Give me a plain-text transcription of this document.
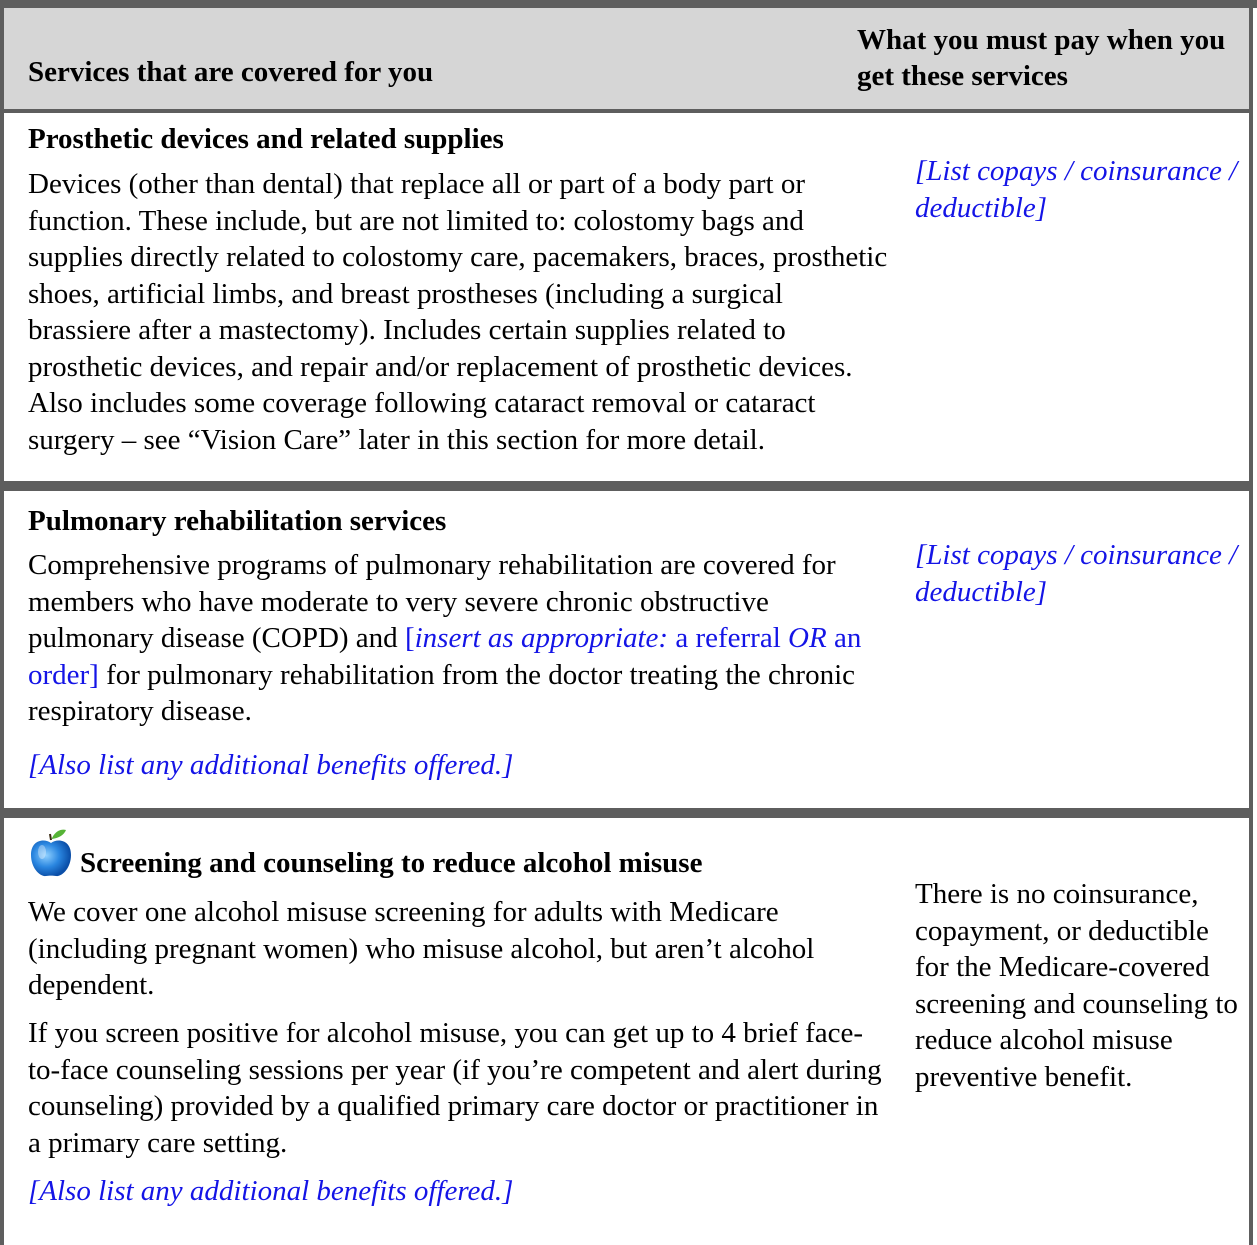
Services that are covered for you
What you must pay when you get these services
Prosthetic devices and related supplies
Devices (other than dental) that replace all or part of a body part or function. These include, but are not limited to: colostomy bags and supplies directly related to colostomy care, pacemakers, braces, prosthetic shoes, artificial limbs, and breast prostheses (including a surgical brassiere after a mastectomy). Includes certain supplies related to prosthetic devices, and repair and/or replacement of prosthetic devices. Also includes some coverage following cataract removal or cataract surgery – see “Vision Care” later in this section for more detail.
[List copays / coinsurance / deductible]
Pulmonary rehabilitation services
Comprehensive programs of pulmonary rehabilitation are covered for members who have moderate to very severe chronic obstructive pulmonary disease (COPD) and [insert as appropriate: a referral OR an order] for pulmonary rehabilitation from the doctor treating the chronic respiratory disease.
[Also list any additional benefits offered.]
[List copays / coinsurance / deductible]
Screening and counseling to reduce alcohol misuse
We cover one alcohol misuse screening for adults with Medicare (including pregnant women) who misuse alcohol, but aren’t alcohol dependent.
If you screen positive for alcohol misuse, you can get up to 4 brief face-to-face counseling sessions per year (if you’re competent and alert during counseling) provided by a qualified primary care doctor or practitioner in a primary care setting.
[Also list any additional benefits offered.]
There is no coinsurance, copayment, or deductible for the Medicare-covered screening and counseling to reduce alcohol misuse preventive benefit.
